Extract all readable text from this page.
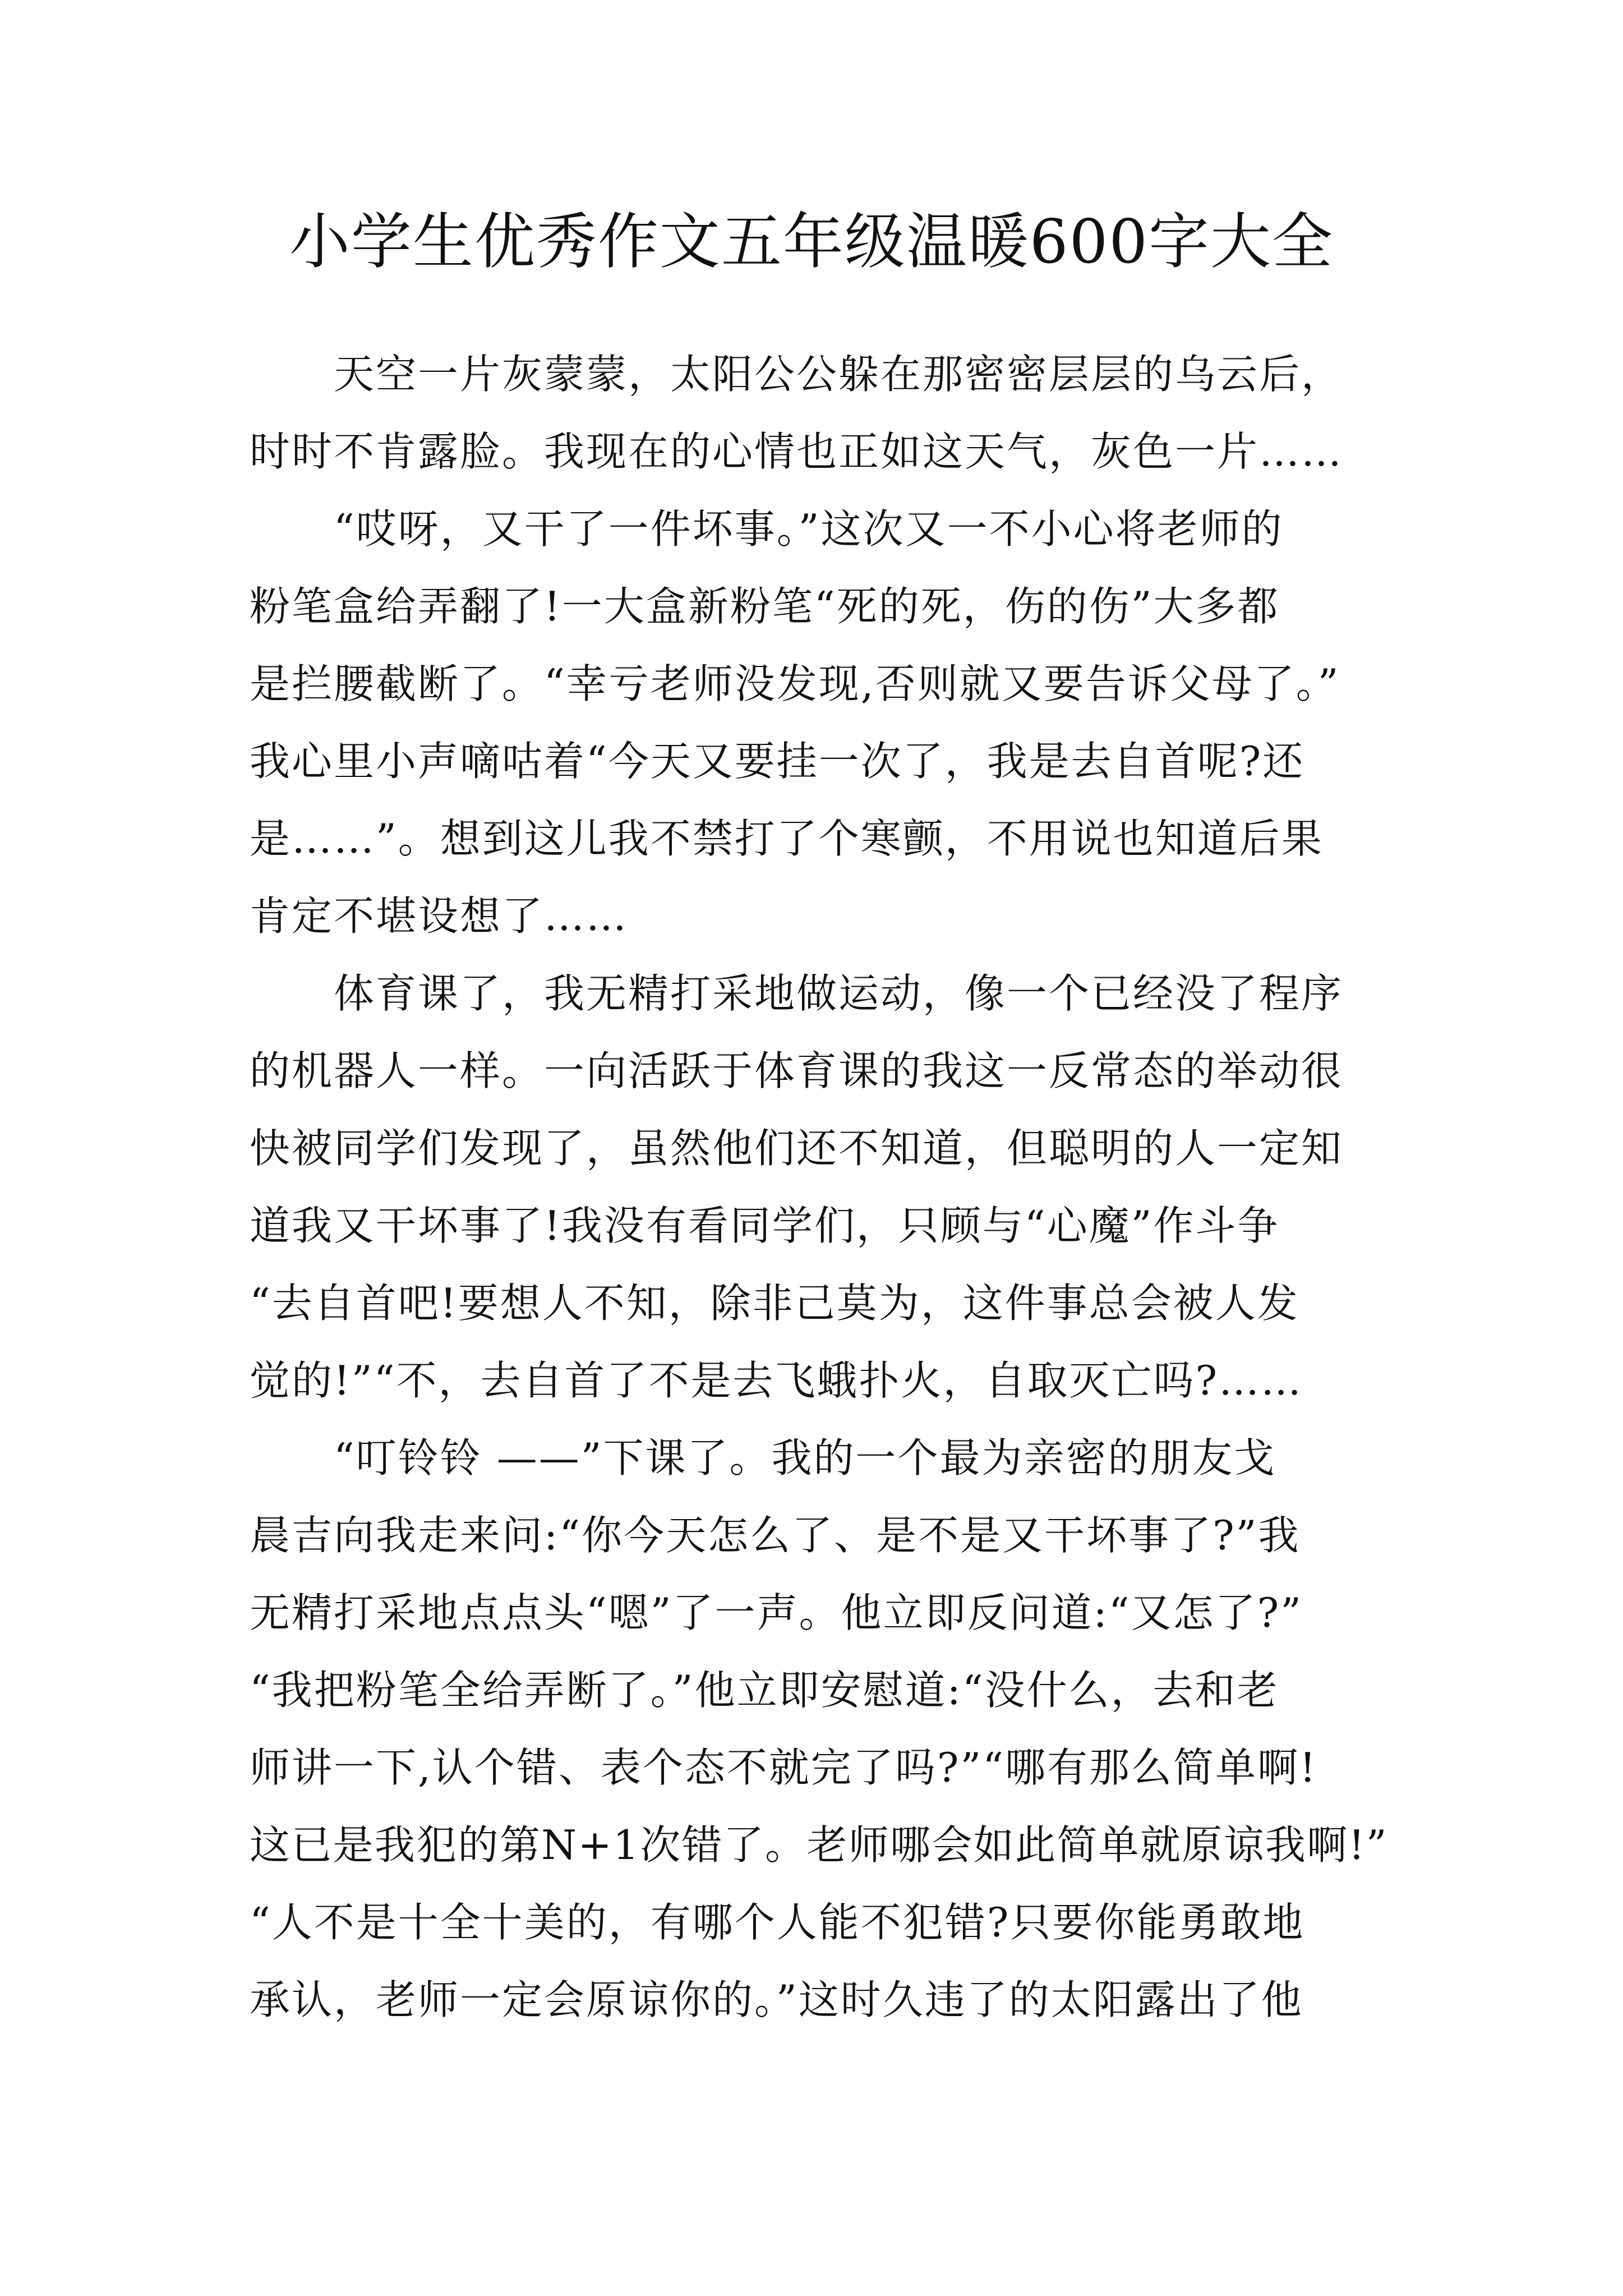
小学生优秀作文五年级温暖600字大全
天空一片灰蒙蒙，太阳公公躲在那密密层层的乌云后，
时时不肯露脸。我现在的心情也正如这天气，灰色一片……
“哎呀，又干了一件坏事。”这次又一不小心将老师的
粉笔盒给弄翻了!一大盒新粉笔“死的死，伤的伤”大多都
是拦腰截断了。“幸亏老师没发现,否则就又要告诉父母了。”
我心里小声嘀咕着“今天又要挂一次了，我是去自首呢?还
是……”。想到这儿我不禁打了个寒颤，不用说也知道后果
肯定不堪设想了……
体育课了，我无精打采地做运动，像一个已经没了程序
的机器人一样。一向活跃于体育课的我这一反常态的举动很
快被同学们发现了，虽然他们还不知道，但聪明的人一定知
道我又干坏事了!我没有看同学们，只顾与“心魔”作斗争
“去自首吧!要想人不知，除非己莫为，这件事总会被人发
觉的!”“不，去自首了不是去飞蛾扑火，自取灭亡吗?……
“叮铃铃 ——”下课了。我的一个最为亲密的朋友戈
晨吉向我走来问:“你今天怎么了、是不是又干坏事了?”我
无精打采地点点头“嗯”了一声。他立即反问道:“又怎了?”
“我把粉笔全给弄断了。”他立即安慰道:“没什么，去和老
师讲一下,认个错、表个态不就完了吗?”“哪有那么简单啊!
这已是我犯的第N+1次错了。老师哪会如此简单就原谅我啊!”
“人不是十全十美的，有哪个人能不犯错?只要你能勇敢地
承认，老师一定会原谅你的。”这时久违了的太阳露出了他
